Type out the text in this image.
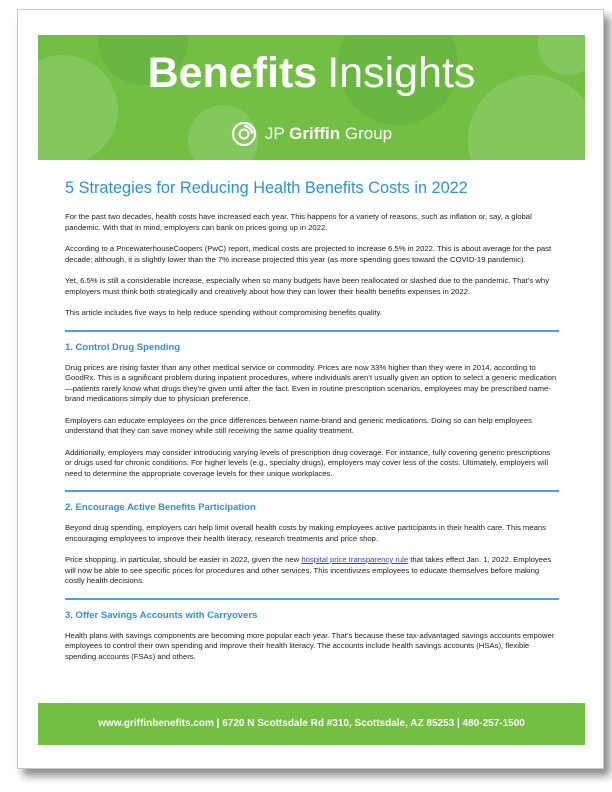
Benefits Insights
JP Griffin Group
5 Strategies for Reducing Health Benefits Costs in 2022

For the past two decades, health costs have increased each year. This happens for a variety of reasons, such as inflation or, say, a global pandemic. With that in mind, employers can bank on prices going up in 2022.

According to a PricewaterhouseCoopers (PwC) report, medical costs are projected to increase 6.5% in 2022. This is about average for the past decade; although, it is slightly lower than the 7% increase projected this year (as more spending goes toward the COVID-19 pandemic).

Yet, 6.5% is still a considerable increase, especially when so many budgets have been reallocated or slashed due to the pandemic. That’s why employers must think both strategically and creatively about how they can lower their health benefits expenses in 2022.

This article includes five ways to help reduce spending without compromising benefits quality.

1. Control Drug Spending

Drug prices are rising faster than any other medical service or commodity. Prices are now 33% higher than they were in 2014, according to GoodRx. This is a significant problem during inpatient procedures, where individuals aren’t usually given an option to select a generic medication—patients rarely know what drugs they’re given until after the fact. Even in routine prescription scenarios, employees may be prescribed name-brand medications simply due to physician preference.

Employers can educate employees on the price differences between name-brand and generic medications. Doing so can help employees understand that they can save money while still receiving the same quality treatment.

Additionally, employers may consider introducing varying levels of prescription drug coverage. For instance, fully covering generic prescriptions or drugs used for chronic conditions. For higher levels (e.g., specialty drugs), employers may cover less of the costs. Ultimately, employers will need to determine the appropriate coverage levels for their unique workplaces.

2. Encourage Active Benefits Participation

Beyond drug spending, employers can help limit overall health costs by making employees active participants in their health care. This means encouraging employees to improve their health literacy, research treatments and price shop.

Price shopping, in particular, should be easier in 2022, given the new hospital price transparency rule that takes effect Jan. 1, 2022. Employees will now be able to see specific prices for procedures and other services. This incentivizes employees to educate themselves before making costly health decisions.

3. Offer Savings Accounts with Carryovers

Health plans with savings components are becoming more popular each year. That’s because these tax-advantaged savings accounts empower employees to control their own spending and improve their health literacy. The accounts include health savings accounts (HSAs), flexible spending accounts (FSAs) and others.

www.griffinbenefits.com | 6720 N Scottsdale Rd #310, Scottsdale, AZ 85253 | 480-257-1500
